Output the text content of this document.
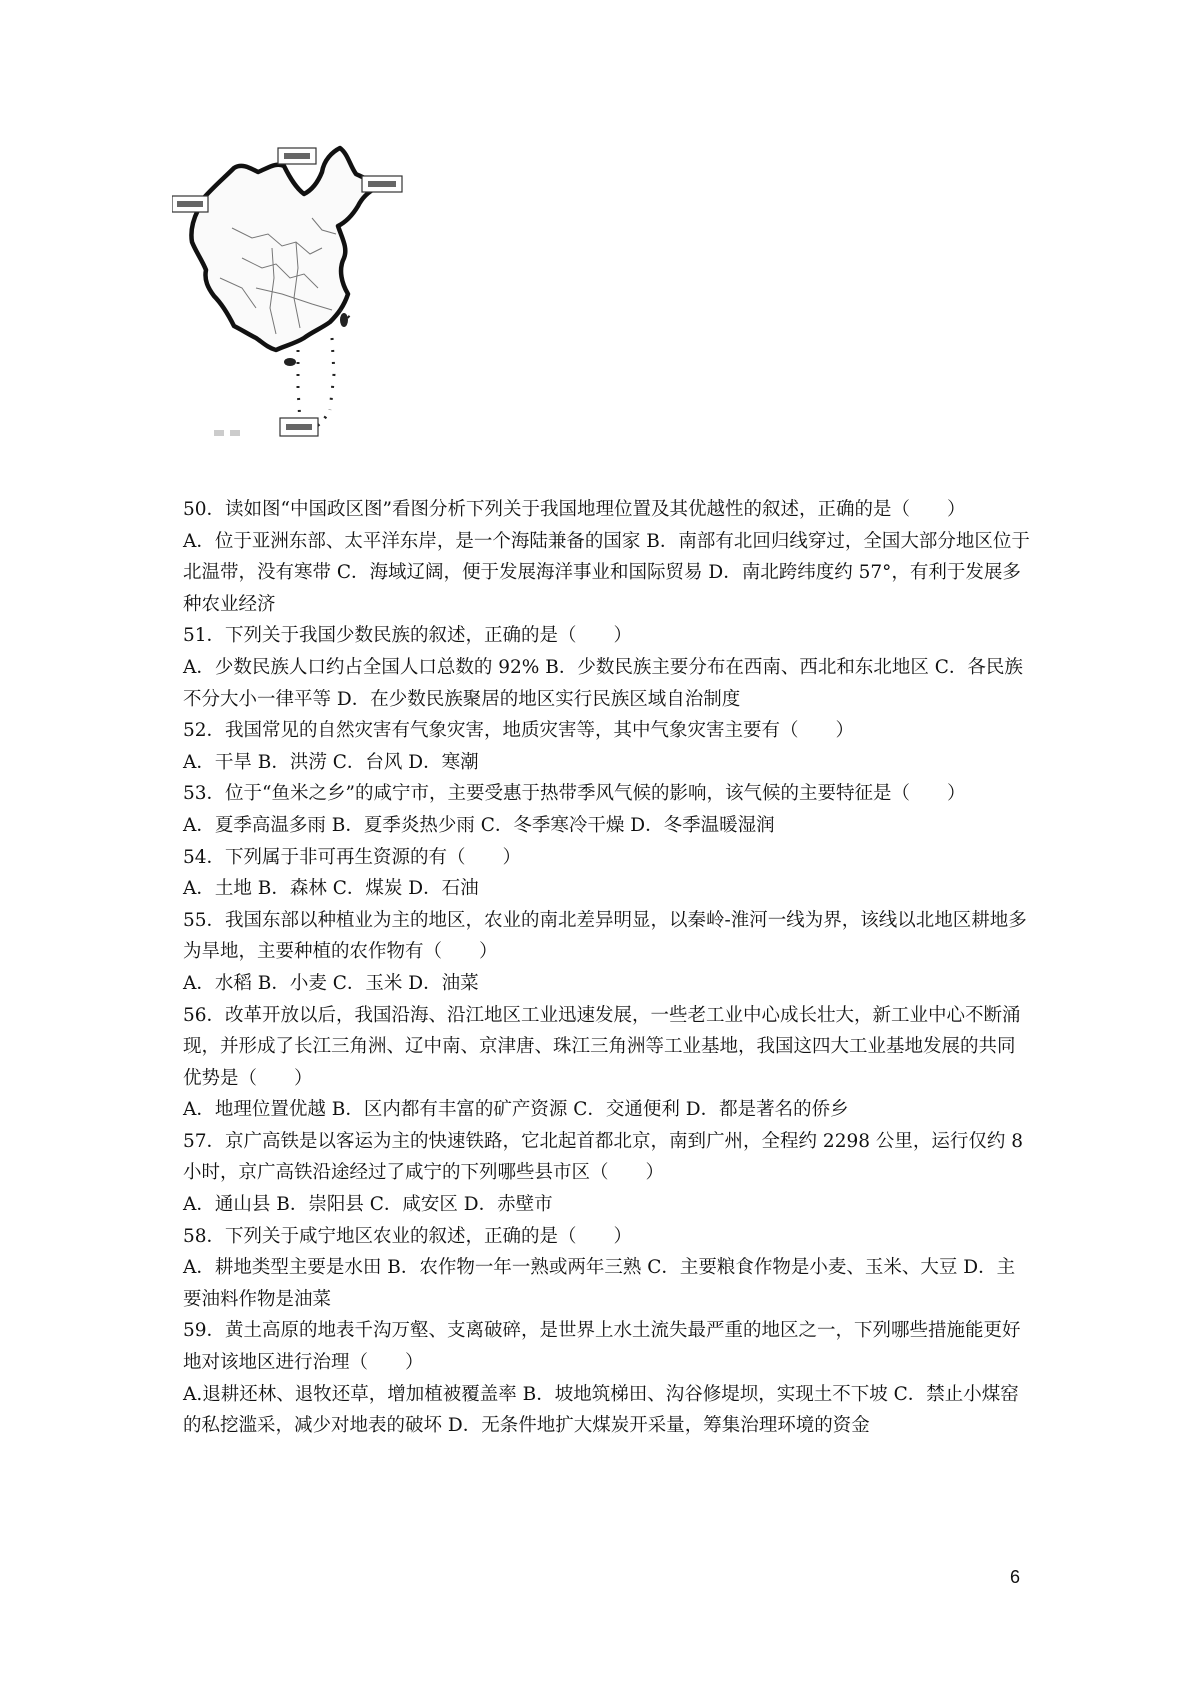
50．读如图“中国政区图”看图分析下列关于我国地理位置及其优越性的叙述，正确的是（　　）

A．位于亚洲东部、太平洋东岸，是一个海陆兼备的国家 B．南部有北回归线穿过，全国大部分地区位于北温带，没有寒带 C．海域辽阔，便于发展海洋事业和国际贸易 D．南北跨纬度约 57°，有利于发展多种农业经济

51．下列关于我国少数民族的叙述，正确的是（　　）

A．少数民族人口约占全国人口总数的 92% B．少数民族主要分布在西南、西北和东北地区 C．各民族不分大小一律平等 D．在少数民族聚居的地区实行民族区域自治制度

52．我国常见的自然灾害有气象灾害，地质灾害等，其中气象灾害主要有（　　）

A．干旱 B．洪涝 C．台风 D．寒潮

53．位于“鱼米之乡”的咸宁市，主要受惠于热带季风气候的影响，该气候的主要特征是（　　）

A．夏季高温多雨 B．夏季炎热少雨 C．冬季寒冷干燥 D．冬季温暖湿润

54．下列属于非可再生资源的有（　　）

A．土地 B．森林 C．煤炭 D．石油

55．我国东部以种植业为主的地区，农业的南北差异明显，以秦岭-淮河一线为界，该线以北地区耕地多为旱地，主要种植的农作物有（　　）

A．水稻 B．小麦 C．玉米 D．油菜

56．改革开放以后，我国沿海、沿江地区工业迅速发展，一些老工业中心成长壮大，新工业中心不断涌现，并形成了长江三角洲、辽中南、京津唐、珠江三角洲等工业基地，我国这四大工业基地发展的共同优势是（　　）

A．地理位置优越 B．区内都有丰富的矿产资源 C．交通便利 D．都是著名的侨乡

57．京广高铁是以客运为主的快速铁路，它北起首都北京，南到广州，全程约 2298 公里，运行仅约 8 小时，京广高铁沿途经过了咸宁的下列哪些县市区（　　）

A．通山县 B．崇阳县 C．咸安区 D．赤壁市

58．下列关于咸宁地区农业的叙述，正确的是（　　）

A．耕地类型主要是水田 B．农作物一年一熟或两年三熟 C．主要粮食作物是小麦、玉米、大豆 D．主要油料作物是油菜

59．黄土高原的地表千沟万壑、支离破碎，是世界上水土流失最严重的地区之一，下列哪些措施能更好地对该地区进行治理（　　）

A.退耕还林、退牧还草，增加植被覆盖率 B．坡地筑梯田、沟谷修堤坝，实现土不下坡 C．禁止小煤窑的私挖滥采，减少对地表的破坏 D．无条件地扩大煤炭开采量，筹集治理环境的资金

6
